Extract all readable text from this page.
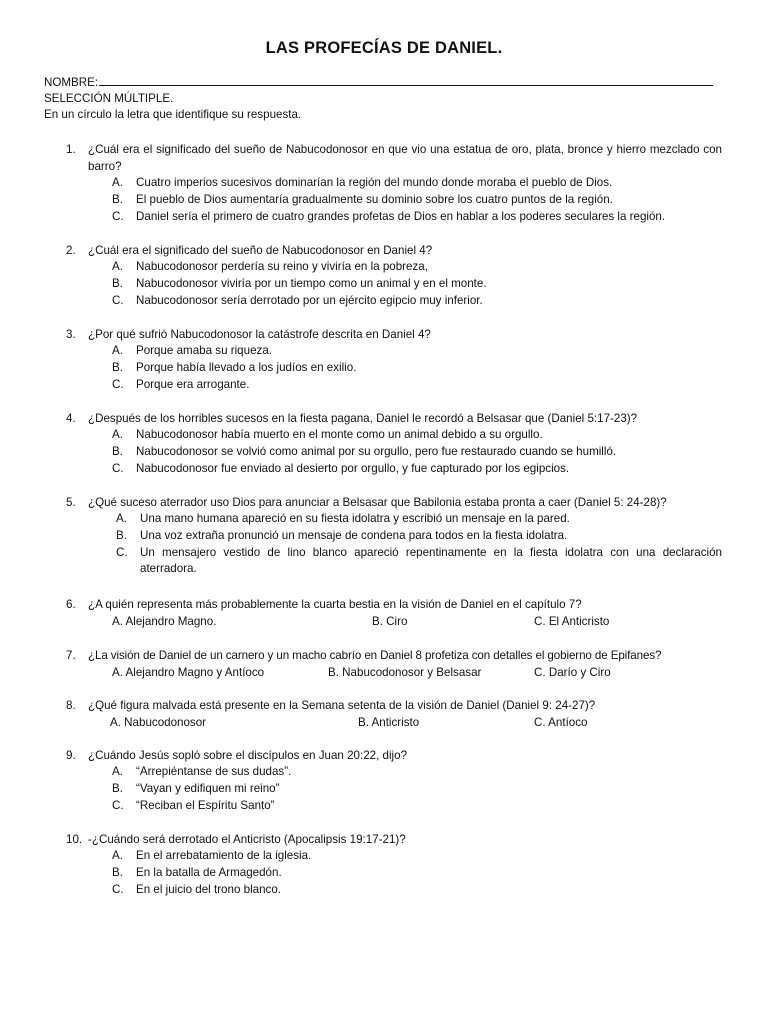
LAS PROFECÍAS DE DANIEL.
NOMBRE:
SELECCIÓN MÚLTIPLE.
En un círculo la letra que identifique su respuesta.
1.	¿Cuál era el significado del sueño de Nabucodonosor en que vio una estatua de oro, plata, bronce y hierro mezclado con barro?
A.	Cuatro imperios sucesivos dominarían la región del mundo donde moraba el pueblo de Dios.
B.	El pueblo de Dios aumentaría gradualmente su dominio sobre los cuatro puntos de la región.
C.	Daniel sería el primero de cuatro grandes profetas de Dios en hablar a los poderes seculares la región.
2.	¿Cuál era el significado del sueño de Nabucodonosor en Daniel 4?
A.	Nabucodonosor perdería su reino y viviría en la pobreza,
B.	Nabucodonosor viviría por un tiempo como un animal y en el monte.
C.	Nabucodonosor sería derrotado por un ejército egipcio muy inferior.
3.	¿Por qué sufrió Nabucodonosor la catástrofe descrita en Daniel 4?
A.	Porque amaba su riqueza.
B.	Porque había llevado a los judíos en exilio.
C.	Porque era arrogante.
4.	¿Después de los horribles sucesos en la fiesta pagana, Daniel le recordó a Belsasar que (Daniel 5:17-23)?
A.	Nabucodonosor había muerto en el monte como un animal debido a su orgullo.
B.	Nabucodonosor se volvió como animal por su orgullo, pero fue restaurado cuando se humilló.
C.	Nabucodonosor fue enviado al desierto por orgullo, y fue capturado por los egipcios.
5.	¿Qué suceso aterrador uso Dios para anunciar a Belsasar que Babilonia estaba pronta a caer (Daniel 5: 24-28)?
A.	Una mano humana apareció en su fiesta idolatra y escribió un mensaje en la pared.
B.	Una voz extraña pronunció un mensaje de condena para todos en la fiesta idolatra.
C.	Un mensajero vestido de lino blanco apareció repentinamente en la fiesta idolatra con una declaración aterradora.
6.	¿A quién representa más probablemente la cuarta bestia en la visión de Daniel en el capítulo 7?
A. Alejandro Magno.	B. Ciro	C. El Anticristo
7.	¿La visión de Daniel de un carnero y un macho cabrío en Daniel 8 profetiza con detalles el gobierno de Epifanes?
A. Alejandro Magno y Antíoco	B. Nabucodonosor y Belsasar	C. Darío y Ciro
8.	¿Qué figura malvada está presente en la Semana setenta de la visión de Daniel (Daniel 9: 24-27)?
A. Nabucodonosor	B. Anticristo	C. Antíoco
9.	¿Cuándo Jesús sopló sobre el discípulos en Juan 20:22, dijo?
A.	“Arrepiéntanse de sus dudas”.
B.	“Vayan y edifiquen mi reino”
C.	“Reciban el Espíritu Santo”
10. -¿Cuándo será derrotado el Anticristo (Apocalipsis 19:17-21)?
A.	En el arrebatamiento de la iglesia.
B.	En la batalla de Armagedón.
C.	En el juicio del trono blanco.
